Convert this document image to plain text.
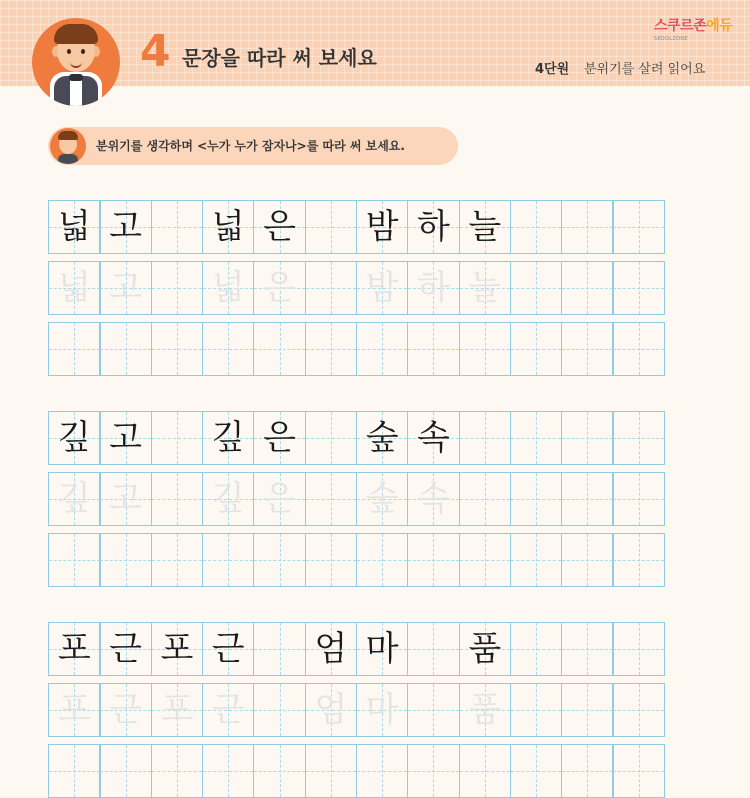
4 문장을 따라 써 보세요
스쿠르존에듀
SKOOLZONE
4단원 분위기를 살려 읽어요
분위기를 생각하며 <누가 누가 잠자나>를 따라 써 보세요.
넓 고 넓 은 밤 하 늘
넓 고 넓 은 밤 하 늘
깊 고 깊 은 숲 속
깊 고 깊 은 숲 속
포 근 포 근 엄 마 품
포 근 포 근 엄 마 품
